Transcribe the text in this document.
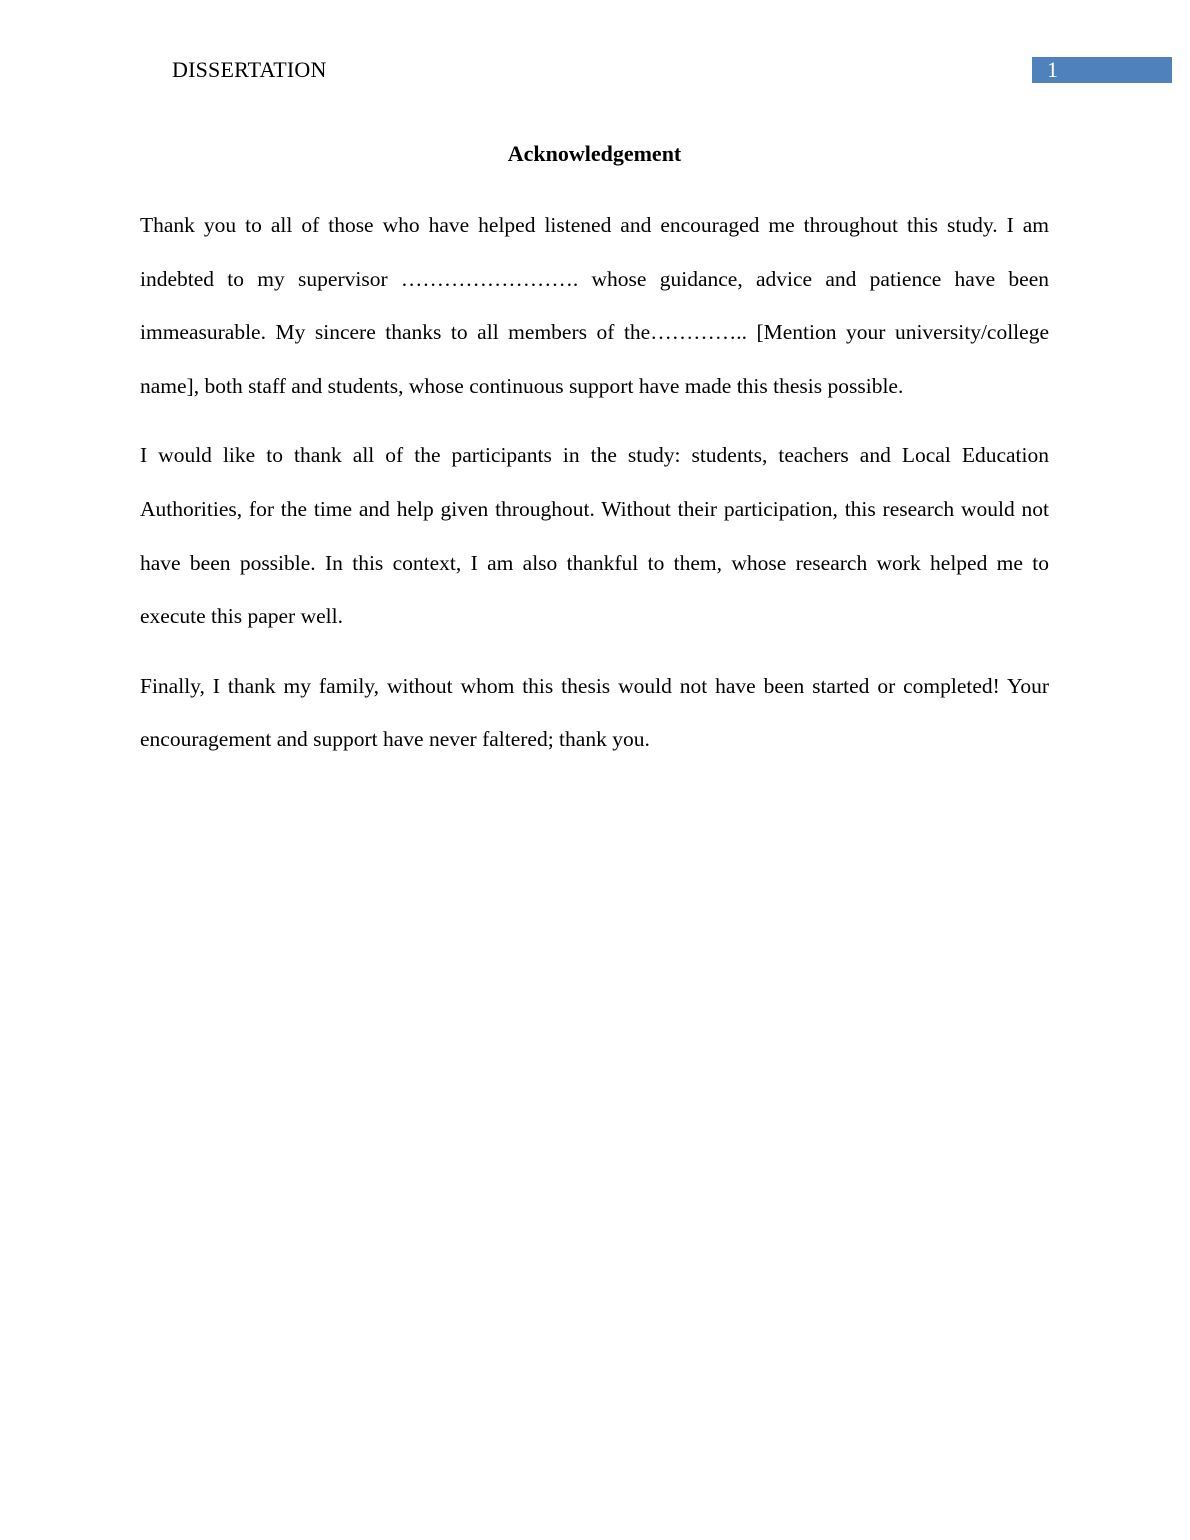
DISSERTATION	1
Acknowledgement

Thank you to all of those who have helped listened and encouraged me throughout this study. I am indebted to my supervisor ……………………. whose guidance, advice and patience have been immeasurable. My sincere thanks to all members of the………….. [Mention your university/college name], both staff and students, whose continuous support have made this thesis possible.

I would like to thank all of the participants in the study: students, teachers and Local Education Authorities, for the time and help given throughout. Without their participation, this research would not have been possible. In this context, I am also thankful to them, whose research work helped me to execute this paper well.

Finally, I thank my family, without whom this thesis would not have been started or completed! Your encouragement and support have never faltered; thank you.
